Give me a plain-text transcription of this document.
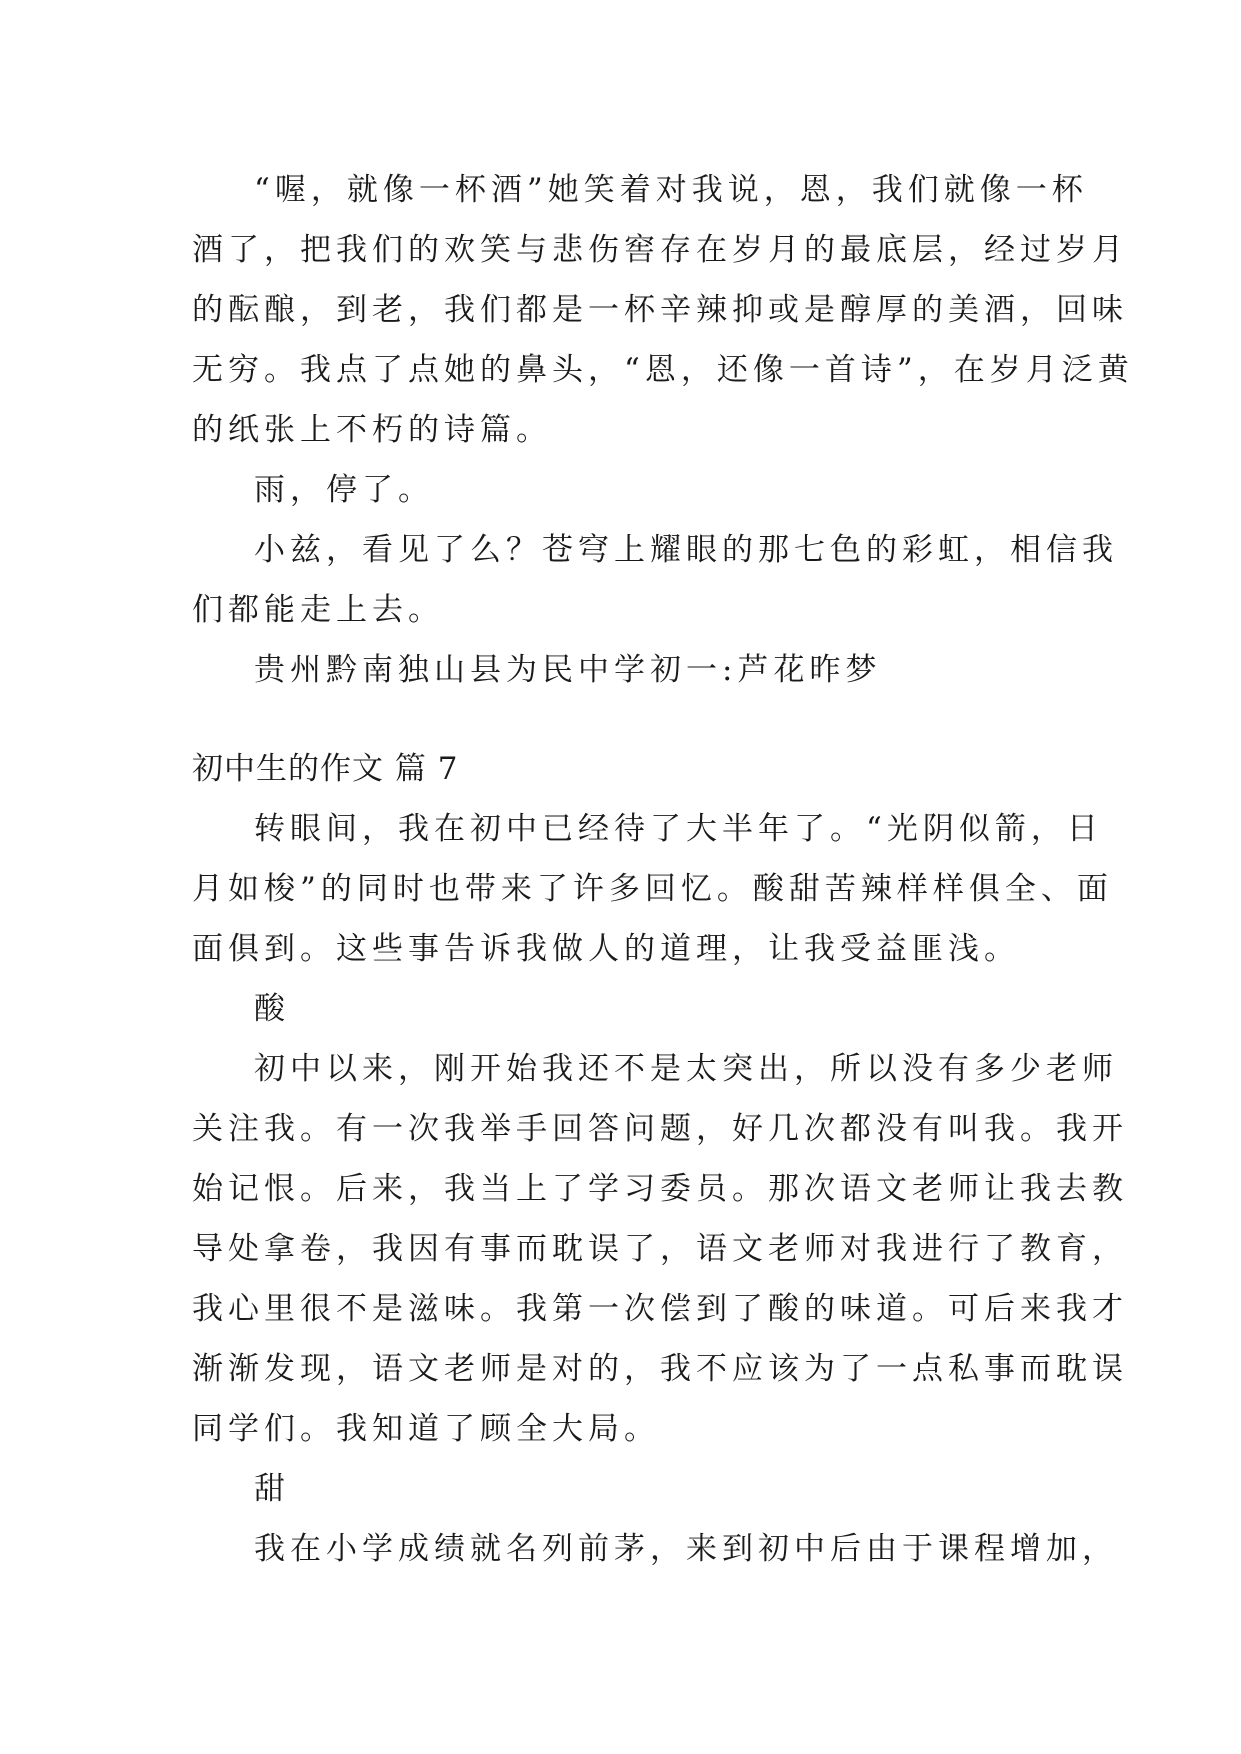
“喔，就像一杯酒”她笑着对我说，恩，我们就像一杯
酒了，把我们的欢笑与悲伤窖存在岁月的最底层，经过岁月
的酝酿，到老，我们都是一杯辛辣抑或是醇厚的美酒，回味
无穷。我点了点她的鼻头，“恩，还像一首诗”，在岁月泛黄
的纸张上不朽的诗篇。
雨，停了。
小兹，看见了么？苍穹上耀眼的那七色的彩虹，相信我
们都能走上去。
贵州黔南独山县为民中学初一:芦花昨梦
初中生的作文 篇 7
转眼间，我在初中已经待了大半年了。“光阴似箭，日
月如梭”的同时也带来了许多回忆。酸甜苦辣样样俱全、面
面俱到。这些事告诉我做人的道理，让我受益匪浅。
酸
初中以来，刚开始我还不是太突出，所以没有多少老师
关注我。有一次我举手回答问题，好几次都没有叫我。我开
始记恨。后来，我当上了学习委员。那次语文老师让我去教
导处拿卷，我因有事而耽误了，语文老师对我进行了教育，
我心里很不是滋味。我第一次偿到了酸的味道。可后来我才
渐渐发现，语文老师是对的，我不应该为了一点私事而耽误
同学们。我知道了顾全大局。
甜
我在小学成绩就名列前茅，来到初中后由于课程增加，
